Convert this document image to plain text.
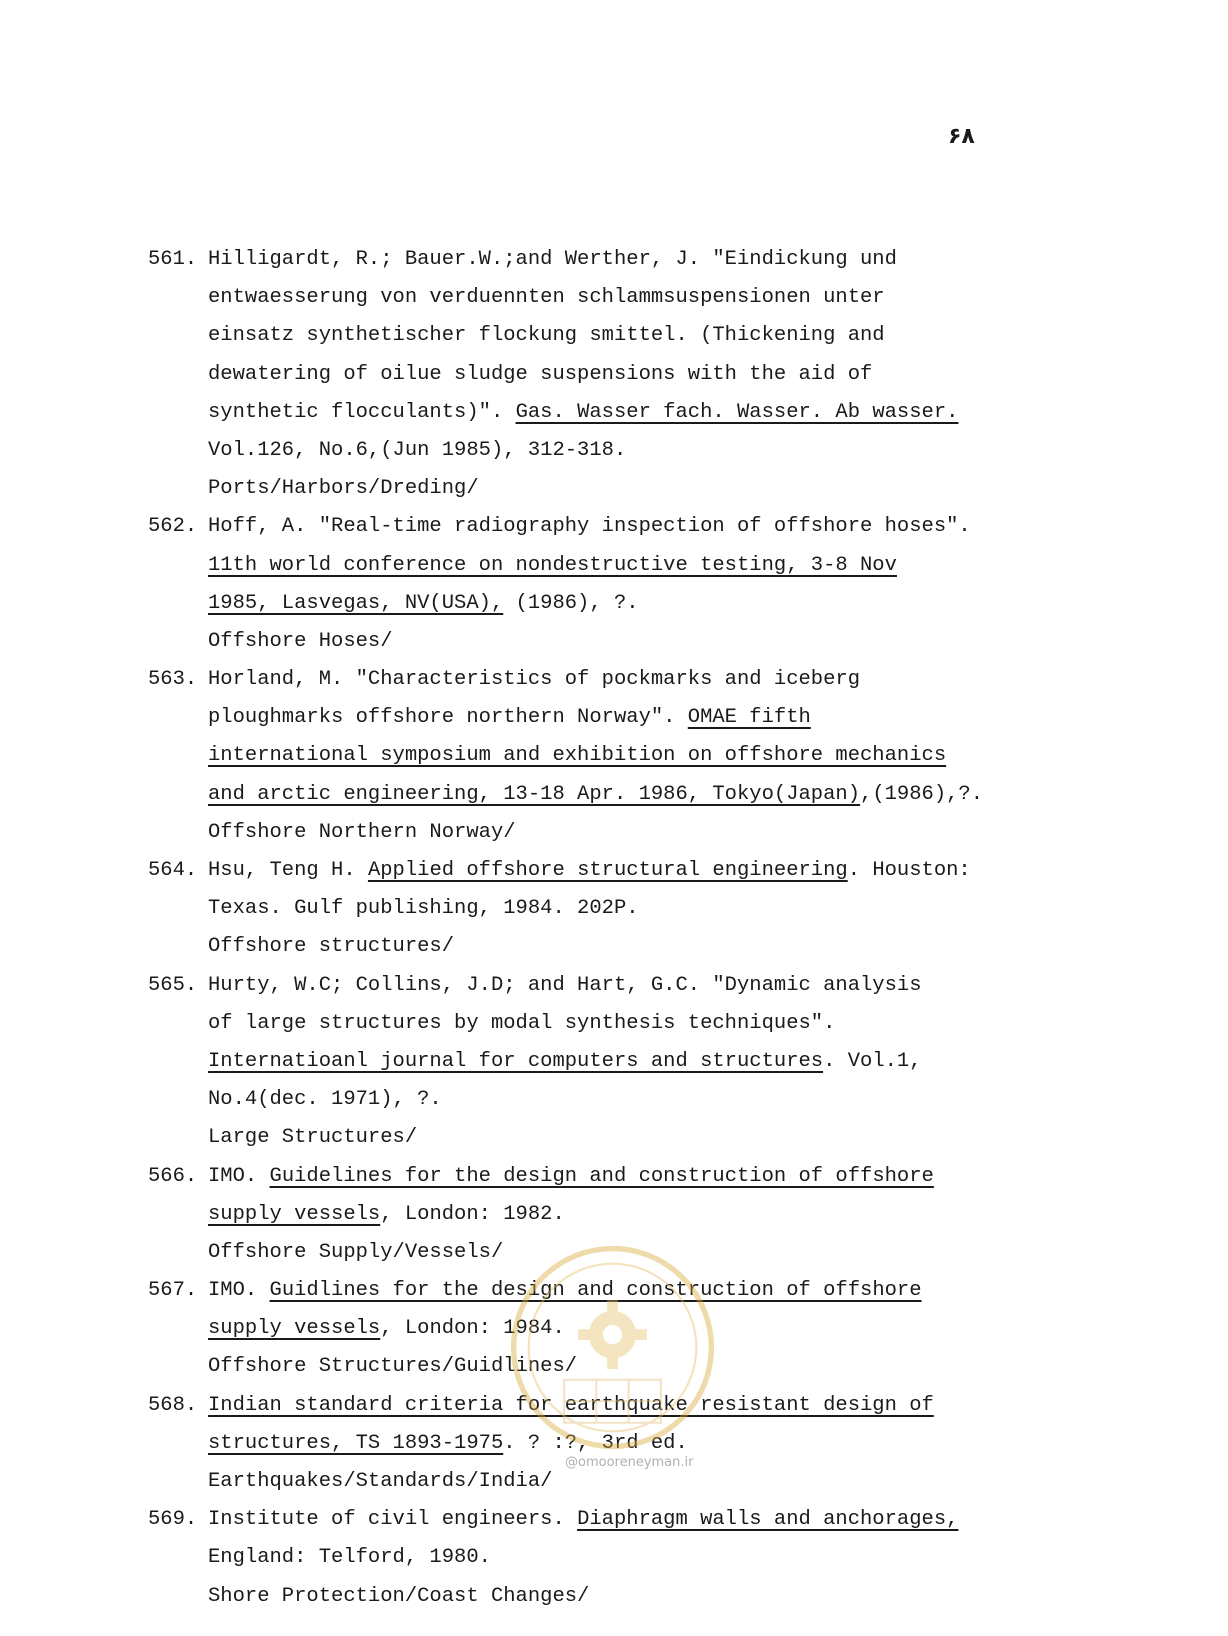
۶۸
561. Hilligardt, R.; Bauer.W.;and Werther, J. "Eindickung und
entwaesserung von verduennten schlammsuspensionen unter
einsatz synthetischer flockung smittel. (Thickening and
dewatering of oilue sludge suspensions with the aid of
synthetic flocculants)". Gas. Wasser fach. Wasser. Ab wasser.
Vol.126, No.6,(Jun 1985), 312-318.
Ports/Harbors/Dreding/
562. Hoff, A. "Real-time radiography inspection of offshore hoses".
11th world conference on nondestructive testing, 3-8 Nov
1985, Lasvegas, NV(USA), (1986), ?.
Offshore Hoses/
563. Horland, M. "Characteristics of pockmarks and iceberg
ploughmarks offshore northern Norway". OMAE fifth
international symposium and exhibition on offshore mechanics
and arctic engineering, 13-18 Apr. 1986, Tokyo(Japan),(1986),?.
Offshore Northern Norway/
564. Hsu, Teng H. Applied offshore structural engineering. Houston:
Texas. Gulf publishing, 1984. 202P.
Offshore structures/
565. Hurty, W.C; Collins, J.D; and Hart, G.C. "Dynamic analysis
of large structures by modal synthesis techniques".
Internatioanl journal for computers and structures. Vol.1,
No.4(dec. 1971), ?.
Large Structures/
566. IMO. Guidelines for the design and construction of offshore
supply vessels, London: 1982.
Offshore Supply/Vessels/
567. IMO. Guidlines for the design and construction of offshore
supply vessels, London: 1984.
Offshore Structures/Guidlines/
568. Indian standard criteria for earthquake resistant design of
structures, TS 1893-1975. ? :?, 3rd ed.
Earthquakes/Standards/India/
569. Institute of civil engineers. Diaphragm walls and anchorages,
England: Telford, 1980.
Shore Protection/Coast Changes/
@omooreneyman.ir
